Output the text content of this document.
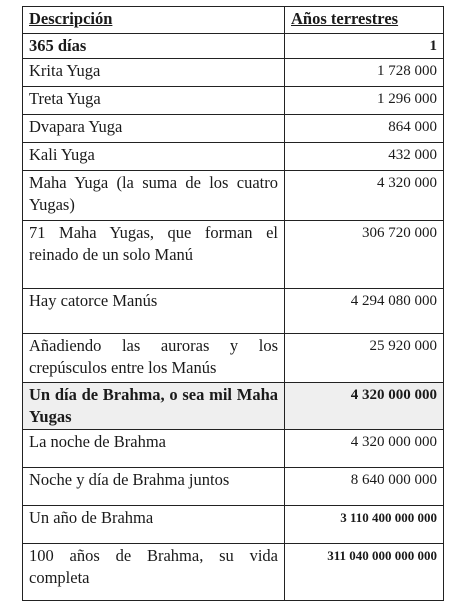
Descripción	Años terrestres
365 días	1
Krita Yuga	1 728 000
Treta Yuga	1 296 000
Dvapara Yuga	864 000
Kali Yuga	432 000
Maha Yuga (la suma de los cuatro Yugas)	4 320 000
71 Maha Yugas, que forman el reinado de un solo Manú	306 720 000
Hay catorce Manús	4 294 080 000
Añadiendo las auroras y los crepúsculos entre los Manús	25 920 000
Un día de Brahma, o sea mil Maha Yugas	4 320 000 000
La noche de Brahma	4 320 000 000
Noche y día de Brahma juntos	8 640 000 000
Un año de Brahma	3 110 400 000 000
100 años de Brahma, su vida completa	311 040 000 000 000
